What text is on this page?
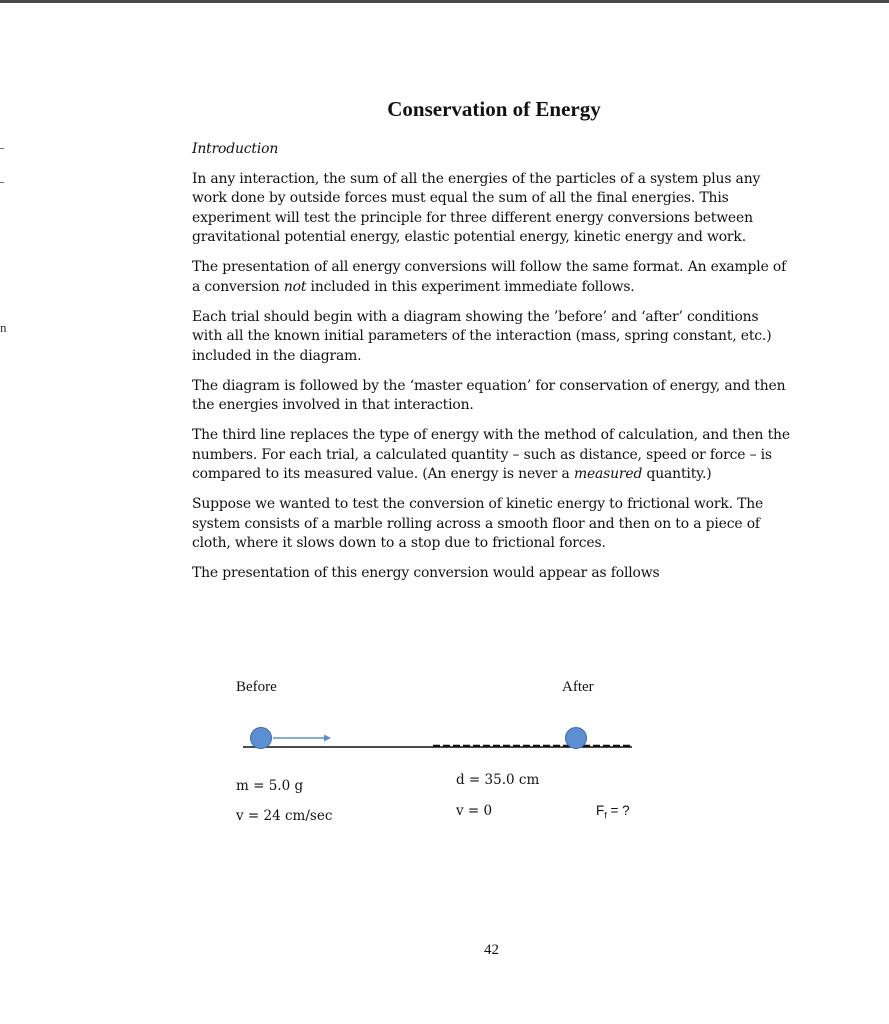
n
Conservation of Energy

Introduction

In any interaction, the sum of all the energies of the particles of a system plus any work done by outside forces must equal the sum of all the final energies. This experiment will test the principle for three different energy conversions between gravitational potential energy, elastic potential energy, kinetic energy and work.

The presentation of all energy conversions will follow the same format. An example of a conversion not included in this experiment immediate follows.

Each trial should begin with a diagram showing the ’before’ and ‘after’ conditions with all the known initial parameters of the interaction (mass, spring constant, etc.) included in the diagram.

The diagram is followed by the ‘master equation’ for conservation of energy, and then the energies involved in that interaction.

The third line replaces the type of energy with the method of calculation, and then the numbers. For each trial, a calculated quantity – such as distance, speed or force – is compared to its measured value. (An energy is never a measured quantity.)

Suppose we wanted to test the conversion of kinetic energy to frictional work. The system consists of a marble rolling across a smooth floor and then on to a piece of cloth, where it slows down to a stop due to frictional forces.

The presentation of this energy conversion would appear as follows

Before	After
m = 5.0 g
v = 24 cm/sec
d = 35.0 cm
v = 0	$F_f$ = ?
42
